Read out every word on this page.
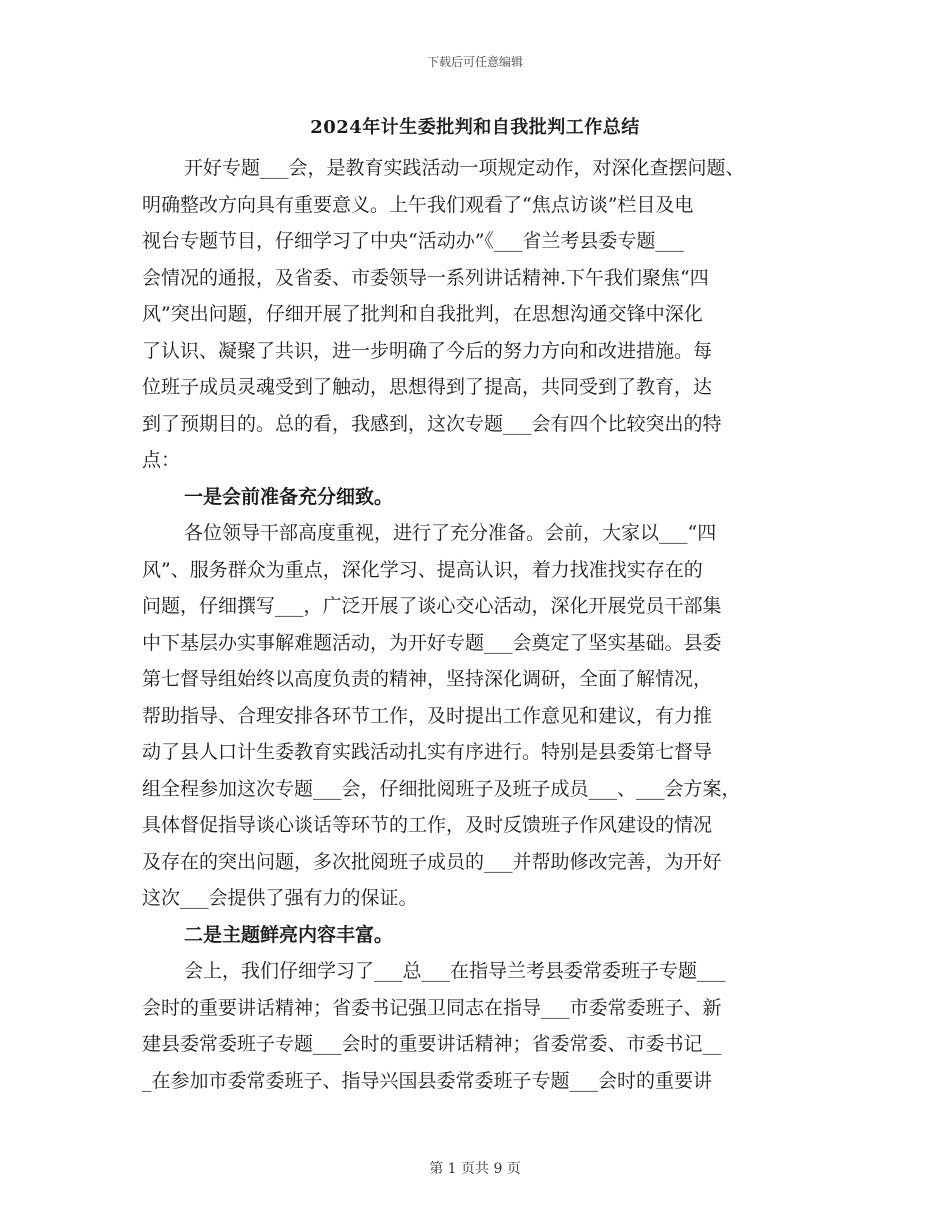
下载后可任意编辑
2024年计生委批判和自我批判工作总结
开好专题___会，是教育实践活动一项规定动作，对深化查摆问题、
明确整改方向具有重要意义。上午我们观看了“焦点访谈”栏目及电
视台专题节目，仔细学习了中央“活动办”《___省兰考县委专题___
会情况的通报，及省委、市委领导一系列讲话精神.下午我们聚焦“四
风”突出问题，仔细开展了批判和自我批判，在思想沟通交锋中深化
了认识、凝聚了共识，进一步明确了今后的努力方向和改进措施。每
位班子成员灵魂受到了触动，思想得到了提高，共同受到了教育，达
到了预期目的。总的看，我感到，这次专题___会有四个比较突出的特
点：
一是会前准备充分细致。
各位领导干部高度重视，进行了充分准备。会前，大家以___“四
风”、服务群众为重点，深化学习、提高认识，着力找准找实存在的
问题，仔细撰写___，广泛开展了谈心交心活动，深化开展党员干部集
中下基层办实事解难题活动，为开好专题___会奠定了坚实基础。县委
第七督导组始终以高度负责的精神，坚持深化调研，全面了解情况，
帮助指导、合理安排各环节工作，及时提出工作意见和建议，有力推
动了县人口计生委教育实践活动扎实有序进行。特别是县委第七督导
组全程参加这次专题___会，仔细批阅班子及班子成员___、___会方案，
具体督促指导谈心谈话等环节的工作，及时反馈班子作风建设的情况
及存在的突出问题，多次批阅班子成员的___并帮助修改完善，为开好
这次___会提供了强有力的保证。
二是主题鲜亮内容丰富。
会上，我们仔细学习了___总___在指导兰考县委常委班子专题___
会时的重要讲话精神；省委书记强卫同志在指导___市委常委班子、新
建县委常委班子专题___会时的重要讲话精神；省委常委、市委书记__
_在参加市委常委班子、指导兴国县委常委班子专题___会时的重要讲
第 1 页共 9 页
